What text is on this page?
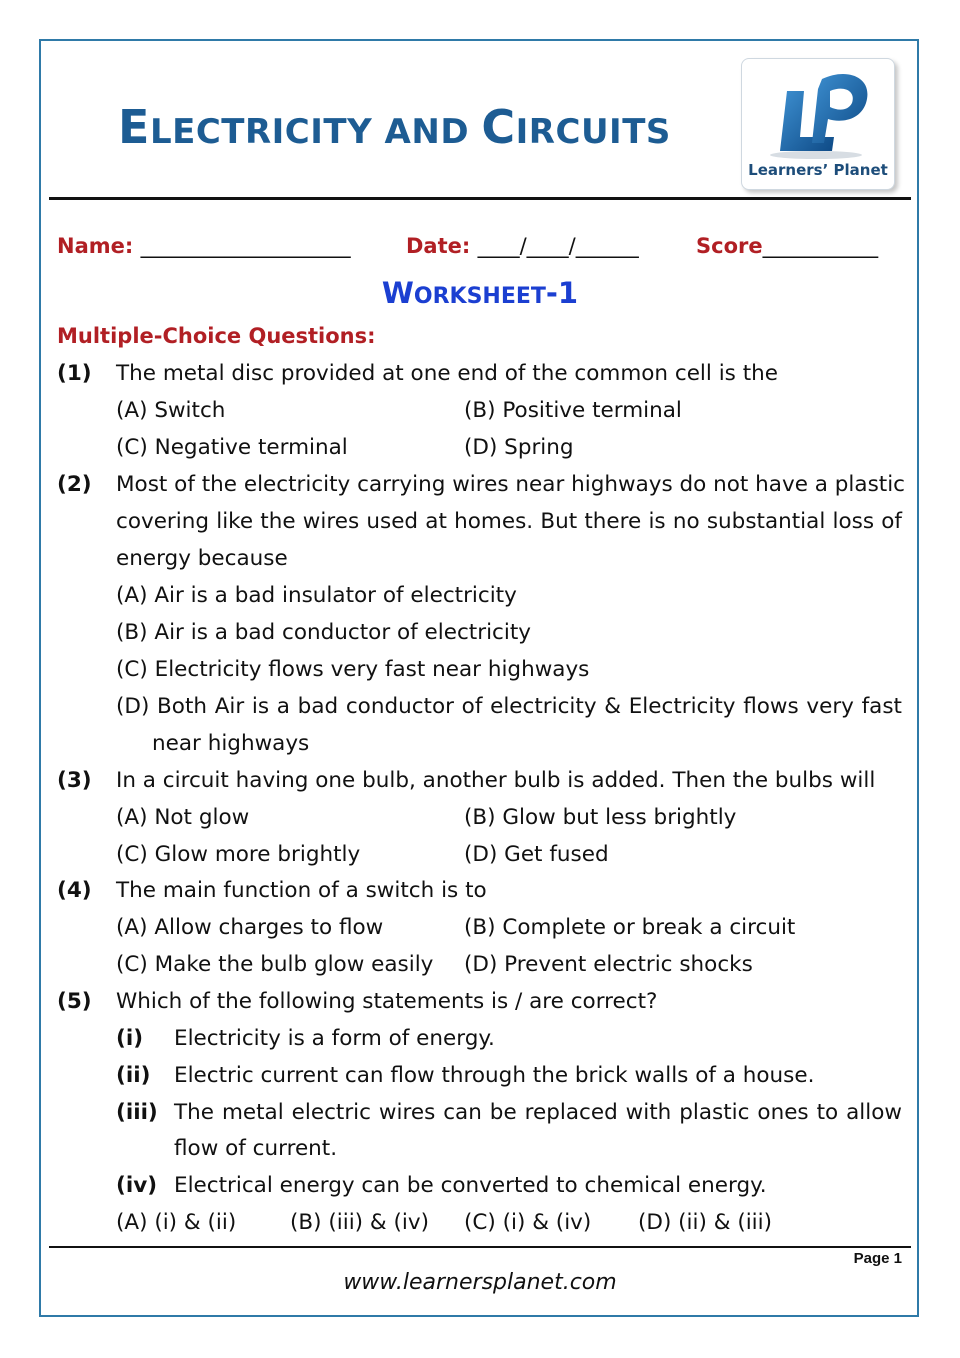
ELECTRICITY AND CIRCUITS
Learners’ Planet
Name: ____________________	Date: ____/____/______	Score___________
WORKSHEET-1
Multiple-Choice Questions:
(1) The metal disc provided at one end of the common cell is the
(A) Switch	(B) Positive terminal
(C) Negative terminal	(D) Spring
(2) Most of the electricity carrying wires near highways do not have a plastic
covering like the wires used at homes. But there is no substantial loss of
energy because
(A) Air is a bad insulator of electricity
(B) Air is a bad conductor of electricity
(C) Electricity flows very fast near highways
(D) Both Air is a bad conductor of electricity & Electricity flows very fast
near highways
(3) In a circuit having one bulb, another bulb is added. Then the bulbs will
(A) Not glow	(B) Glow but less brightly
(C) Glow more brightly	(D) Get fused
(4) The main function of a switch is to
(A) Allow charges to flow	(B) Complete or break a circuit
(C) Make the bulb glow easily (D) Prevent electric shocks
(5) Which of the following statements is / are correct?
(i) Electricity is a form of energy.
(ii) Electric current can flow through the brick walls of a house.
(iii) The metal electric wires can be replaced with plastic ones to allow
flow of current.
(iv) Electrical energy can be converted to chemical energy.
(A) (i) & (ii)	(B) (iii) & (iv) (C) (i) & (iv) (D) (ii) & (iii)
Page 1
www.learnersplanet.com
